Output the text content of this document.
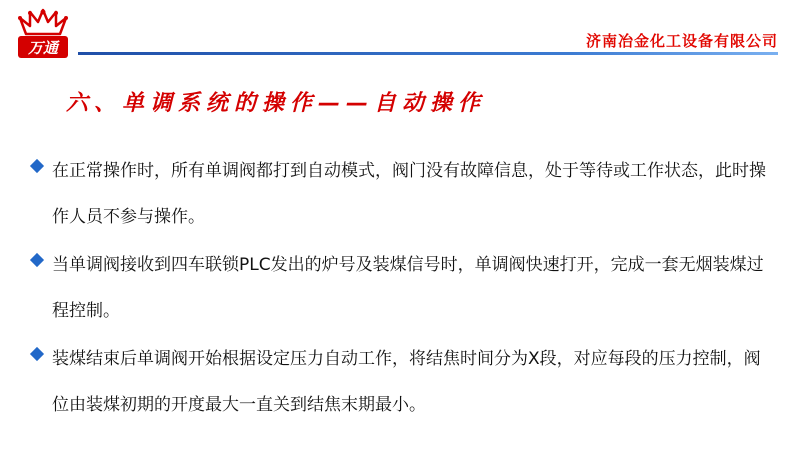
万通	济南冶金化工设备有限公司
六、单调系统的操作——自动操作
在正常操作时，所有单调阀都打到自动模式，阀门没有故障信息，处于等待或工作状态，此时操作人员不参与操作。
当单调阀接收到四车联锁PLC发出的炉号及装煤信号时，单调阀快速打开，完成一套无烟装煤过程控制。
装煤结束后单调阀开始根据设定压力自动工作，将结焦时间分为X段，对应每段的压力控制，阀位由装煤初期的开度最大一直关到结焦末期最小。
